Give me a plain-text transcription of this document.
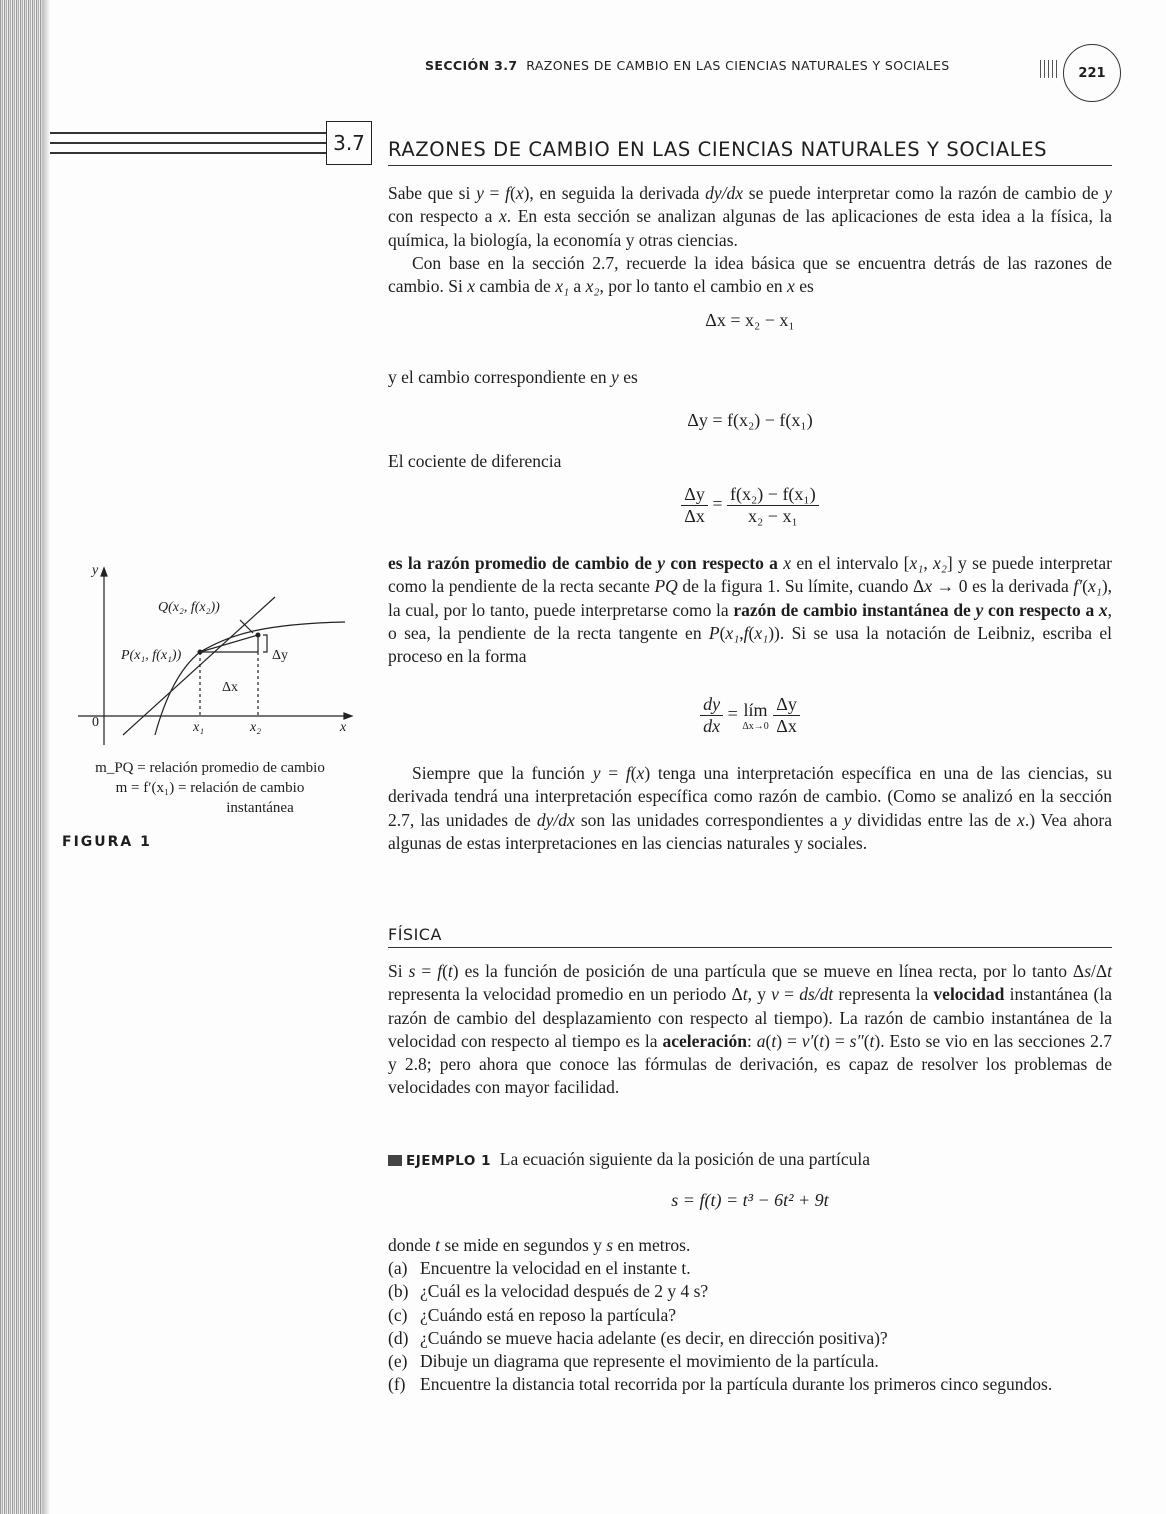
SECCIÓN 3.7 RAZONES DE CAMBIO EN LAS CIENCIAS NATURALES Y SOCIALES	221
3.7	RAZONES DE CAMBIO EN LAS CIENCIAS NATURALES Y SOCIALES
Sabe que si y = f(x), en seguida la derivada dy/dx se puede interpretar como la razón de cambio de y con respecto a x. En esta sección se analizan algunas de las aplicaciones de esta idea a la física, la química, la biología, la economía y otras ciencias.
Con base en la sección 2.7, recuerde la idea básica que se encuentra detrás de las razones de cambio. Si x cambia de x₁ a x₂, por lo tanto el cambio en x es
Δx = x₂ − x₁
y el cambio correspondiente en y es
Δy = f(x₂) − f(x₁)
El cociente de diferencia
$\frac{\Delta y}{\Delta x} = \frac{\text{f(x₂) − f(x₁)}}{\text{x₂ − x₁}}$
es la razón promedio de cambio de y con respecto a x en el intervalo [x₁, x₂] y se puede interpretar como la pendiente de la recta secante PQ de la figura 1. Su límite, cuando Δx → 0 es la derivada f′(x₁), la cual, por lo tanto, puede interpretarse como la razón de cambio instantánea de y con respecto a x, o sea, la pendiente de la recta tangente en P(x₁,f(x₁)). Si se usa la notación de Leibniz, escriba el proceso en la forma
$\frac{dy}{dx}$ = lím
Δx→0
$\frac{\Delta y}{\Delta x}$
Siempre que la función y = f(x) tenga una interpretación específica en una de las ciencias, su derivada tendrá una interpretación específica como razón de cambio. (Como se analizó en la sección 2.7, las unidades de dy/dx son las unidades correspondientes a y divididas entre las de x.) Vea ahora algunas de estas interpretaciones en las ciencias naturales y sociales.
FÍSICA
Si s = f(t) es la función de posición de una partícula que se mueve en línea recta, por lo tanto Δs/Δt representa la velocidad promedio en un periodo Δt, y v = ds/dt representa la velocidad instantánea (la razón de cambio del desplazamiento con respecto al tiempo). La razón de cambio instantánea de la velocidad con respecto al tiempo es la aceleración: a(t) = v′(t) = s″(t). Esto se vio en las secciones 2.7 y 2.8; pero ahora que conoce las fórmulas de derivación, es capaz de resolver los problemas de velocidades con mayor facilidad.
EJEMPLO 1 La ecuación siguiente da la posición de una partícula
s = f(t) = t³ − 6t² + 9t
donde t se mide en segundos y s en metros.
(a) Encuentre la velocidad en el instante t.
(b) ¿Cuál es la velocidad después de 2 y 4 s?
(c) ¿Cuándo está en reposo la partícula?
(d) ¿Cuándo se mueve hacia adelante (es decir, en dirección positiva)?
(e) Dibuje un diagrama que represente el movimiento de la partícula.
(f) Encuentre la distancia total recorrida por la partícula durante los primeros cinco segundos.
y
0	x
x₁	x₂
Q(x₂, f(x₂))
P(x₁, f(x₁))	Δy
Δx
m_PQ = relación promedio de cambio
m = f′(x₁) = relación de cambio
instantánea
FIGURA 1
